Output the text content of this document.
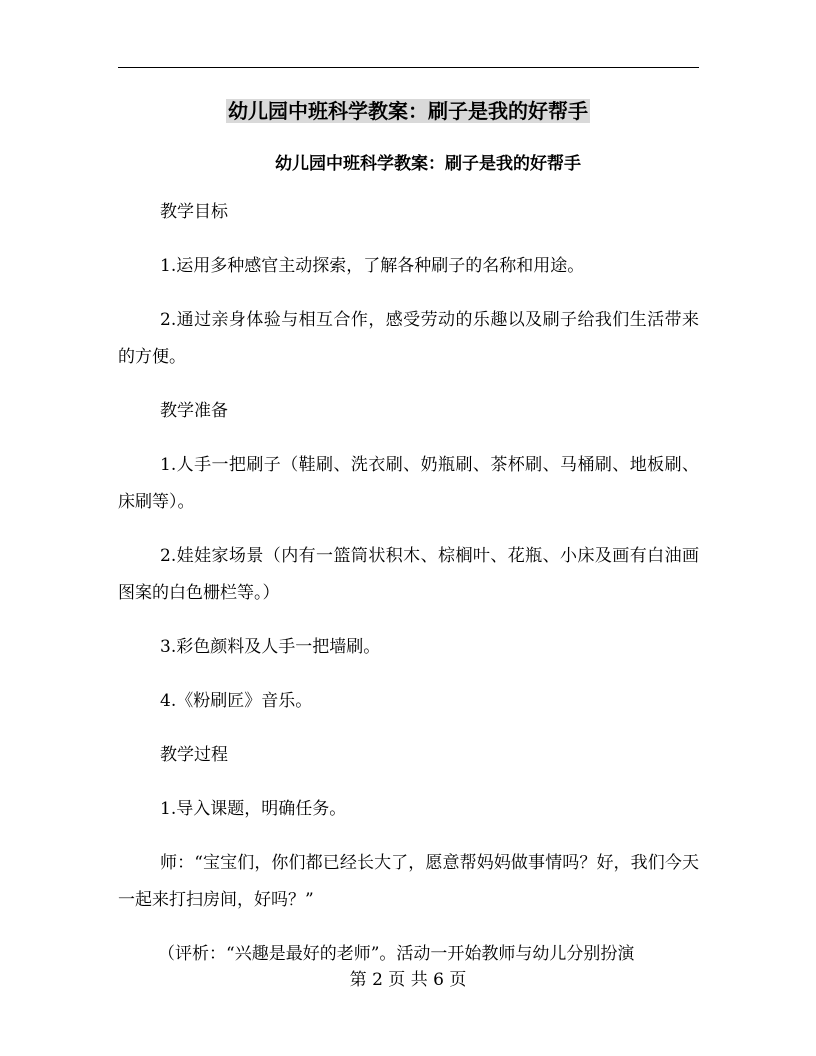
幼儿园中班科学教案：刷子是我的好帮手
幼儿园中班科学教案：刷子是我的好帮手

教学目标

1.运用多种感官主动探索，了解各种刷子的名称和用途。

2.通过亲身体验与相互合作，感受劳动的乐趣以及刷子给我们生活带来的方便。

教学准备

1.人手一把刷子（鞋刷、洗衣刷、奶瓶刷、茶杯刷、马桶刷、地板刷、床刷等）。

2.娃娃家场景（内有一篮筒状积木、棕榈叶、花瓶、小床及画有白油画图案的白色栅栏等。）

3.彩色颜料及人手一把墙刷。

4.《粉刷匠》音乐。

教学过程

1.导入课题，明确任务。

师：“宝宝们，你们都已经长大了，愿意帮妈妈做事情吗？好，我们今天一起来打扫房间，好吗？”

（评析：“兴趣是最好的老师”。活动一开始教师与幼儿分别扮演

第 2 页 共 6 页
